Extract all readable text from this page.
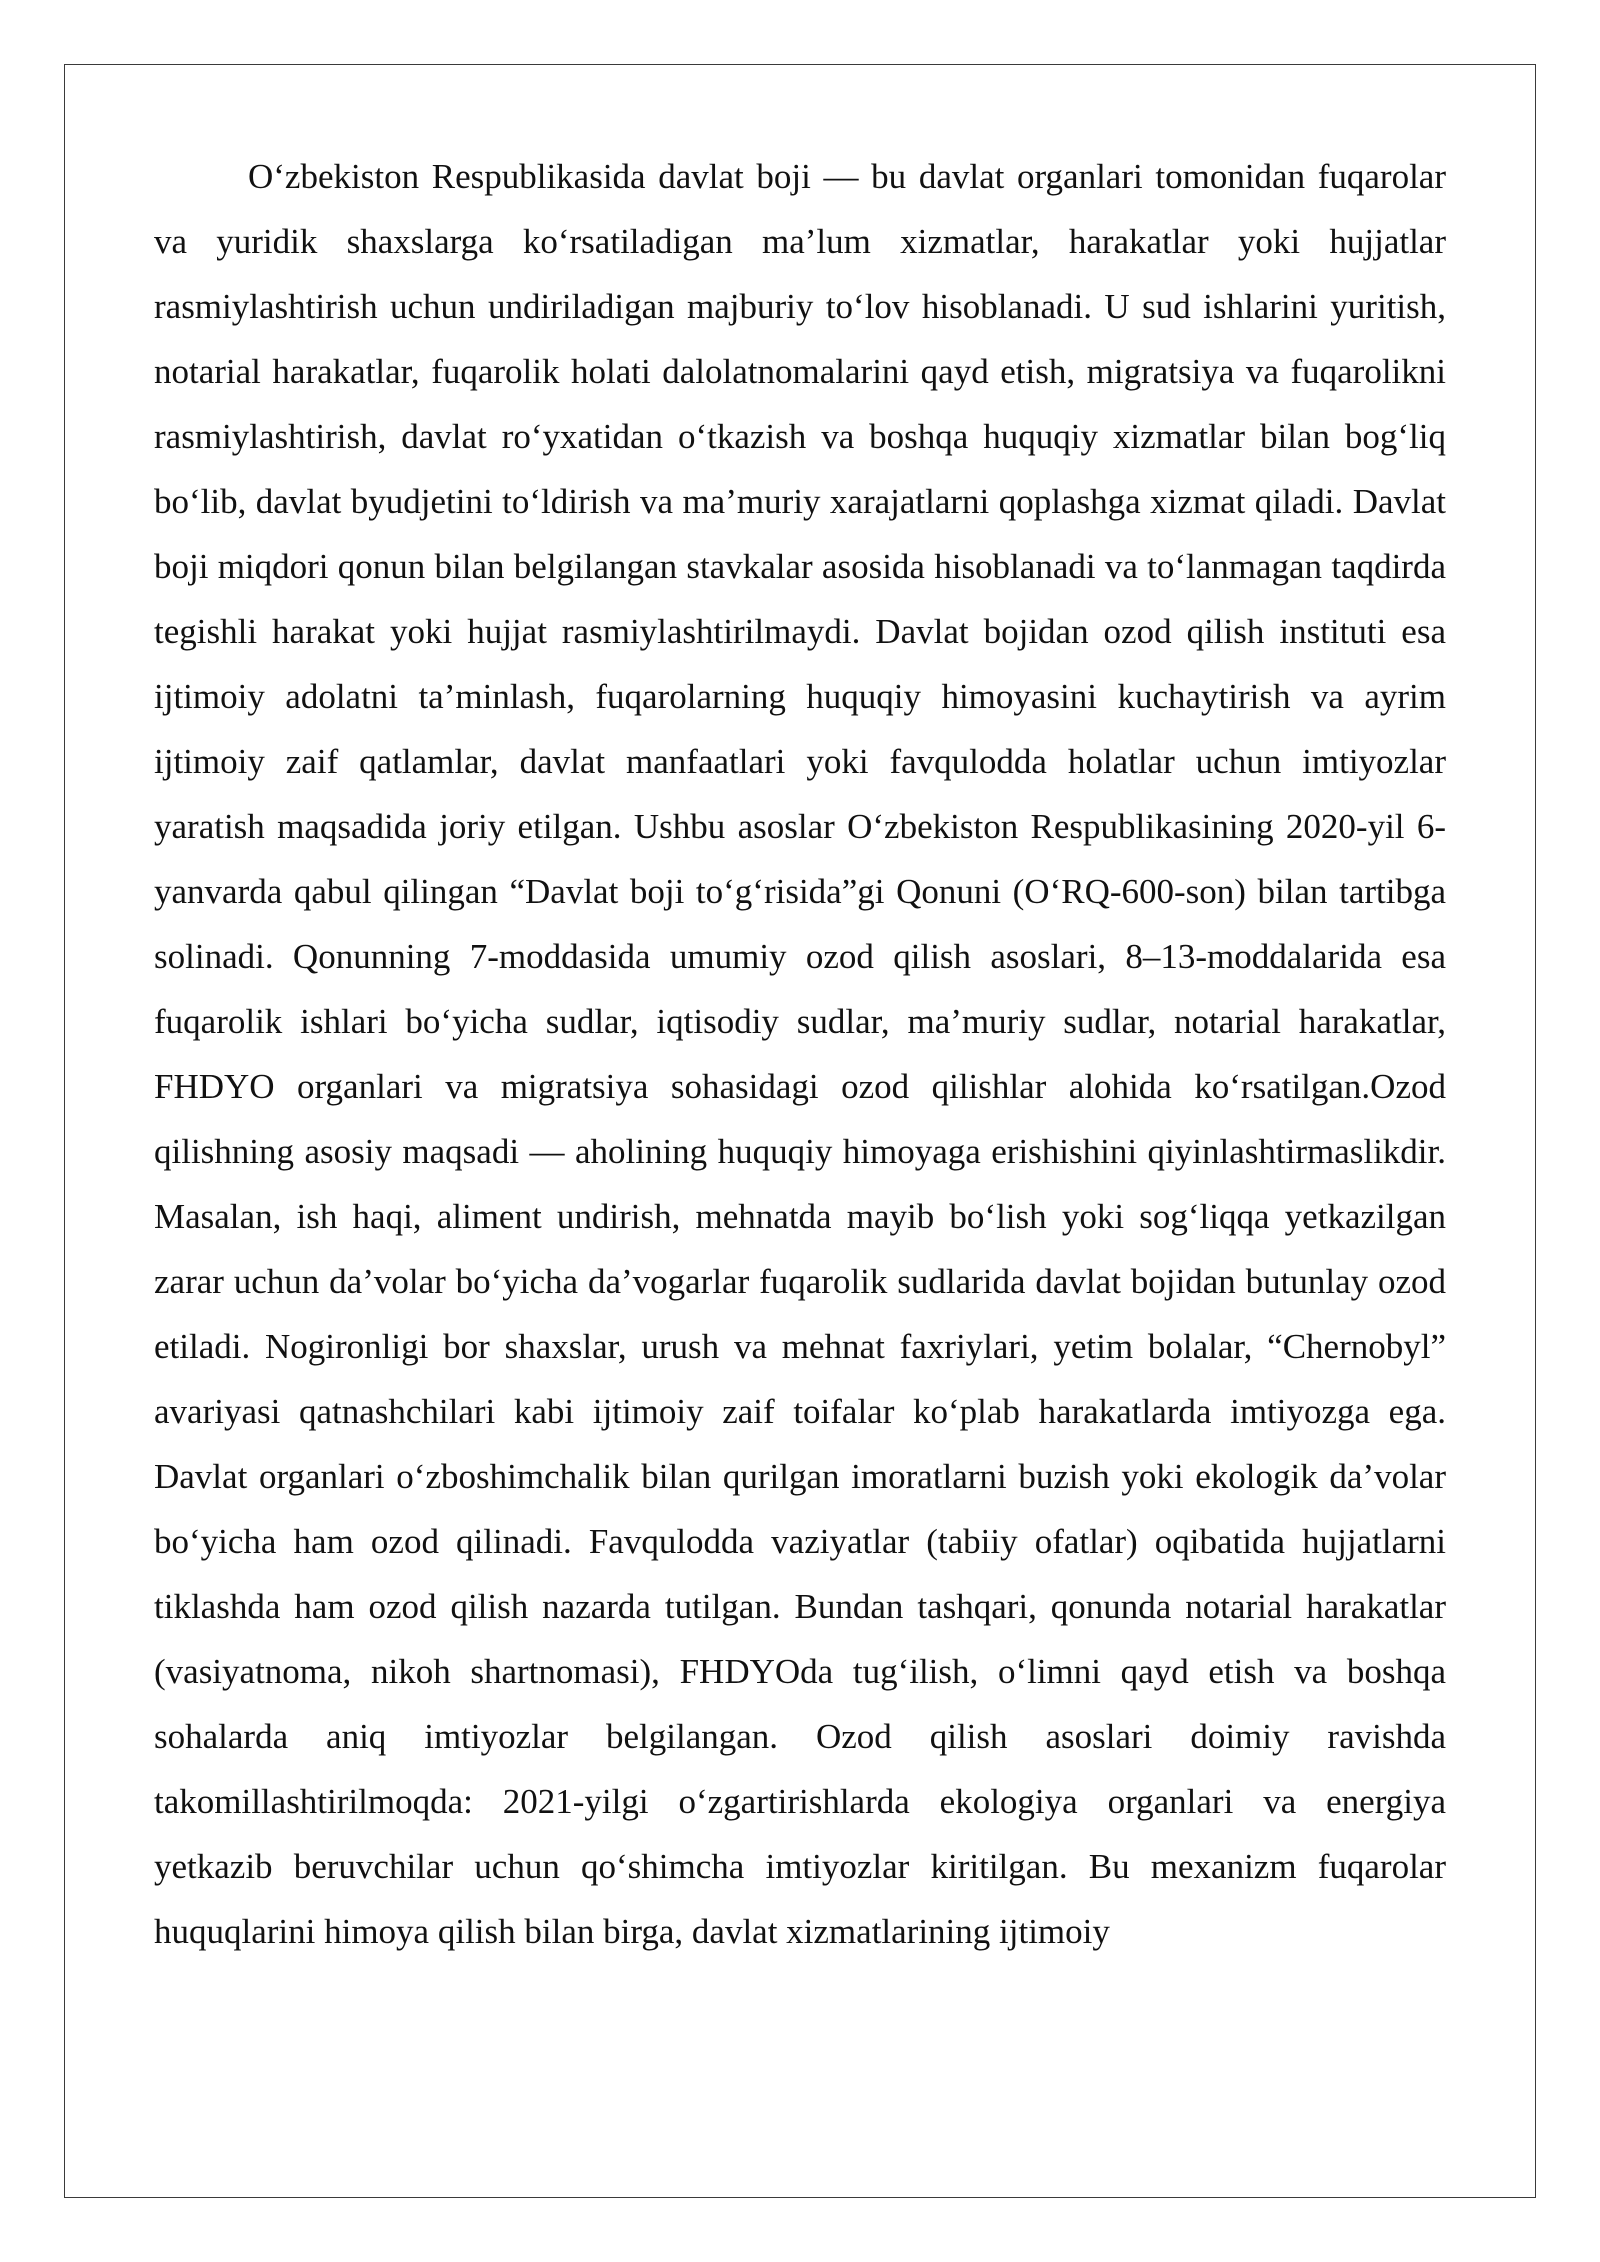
O‘zbekiston Respublikasida davlat boji — bu davlat organlari tomonidan fuqarolar va yuridik shaxslarga ko‘rsatiladigan ma’lum xizmatlar, harakatlar yoki hujjatlar rasmiylashtirish uchun undiriladigan majburiy to‘lov hisoblanadi. U sud ishlarini yuritish, notarial harakatlar, fuqarolik holati dalolatnomalarini qayd etish, migratsiya va fuqarolikni rasmiylashtirish, davlat ro‘yxatidan o‘tkazish va boshqa huquqiy xizmatlar bilan bog‘liq bo‘lib, davlat byudjetini to‘ldirish va ma’muriy xarajatlarni qoplashga xizmat qiladi. Davlat boji miqdori qonun bilan belgilangan stavkalar asosida hisoblanadi va to‘lanmagan taqdirda tegishli harakat yoki hujjat rasmiylashtirilmaydi. Davlat bojidan ozod qilish instituti esa ijtimoiy adolatni ta’minlash, fuqarolarning huquqiy himoyasini kuchaytirish va ayrim ijtimoiy zaif qatlamlar, davlat manfaatlari yoki favqulodda holatlar uchun imtiyozlar yaratish maqsadida joriy etilgan. Ushbu asoslar O‘zbekiston Respublikasining 2020-yil 6-yanvarda qabul qilingan “Davlat boji to‘g‘risida”gi Qonuni (O‘RQ-600-son) bilan tartibga solinadi. Qonunning 7-moddasida umumiy ozod qilish asoslari, 8–13-moddalarida esa fuqarolik ishlari bo‘yicha sudlar, iqtisodiy sudlar, ma’muriy sudlar, notarial harakatlar, FHDYO organlari va migratsiya sohasidagi ozod qilishlar alohida ko‘rsatilgan.Ozod qilishning asosiy maqsadi — aholining huquqiy himoyaga erishishini qiyinlashtirmaslikdir. Masalan, ish haqi, aliment undirish, mehnatda mayib bo‘lish yoki sog‘liqqa yetkazilgan zarar uchun da’volar bo‘yicha da’vogarlar fuqarolik sudlarida davlat bojidan butunlay ozod etiladi. Nogironligi bor shaxslar, urush va mehnat faxriylari, yetim bolalar, “Chernobyl” avariyasi qatnashchilari kabi ijtimoiy zaif toifalar ko‘plab harakatlarda imtiyozga ega. Davlat organlari o‘zboshimchalik bilan qurilgan imoratlarni buzish yoki ekologik da’volar bo‘yicha ham ozod qilinadi. Favqulodda vaziyatlar (tabiiy ofatlar) oqibatida hujjatlarni tiklashda ham ozod qilish nazarda tutilgan. Bundan tashqari, qonunda notarial harakatlar (vasiyatnoma, nikoh shartnomasi), FHDYOda tug‘ilish, o‘limni qayd etish va boshqa sohalarda aniq imtiyozlar belgilangan. Ozod qilish asoslari doimiy ravishda takomillashtirilmoqda: 2021-yilgi o‘zgartirishlarda ekologiya organlari va energiya yetkazib beruvchilar uchun qo‘shimcha imtiyozlar kiritilgan. Bu mexanizm fuqarolar huquqlarini himoya qilish bilan birga, davlat xizmatlarining ijtimoiy
